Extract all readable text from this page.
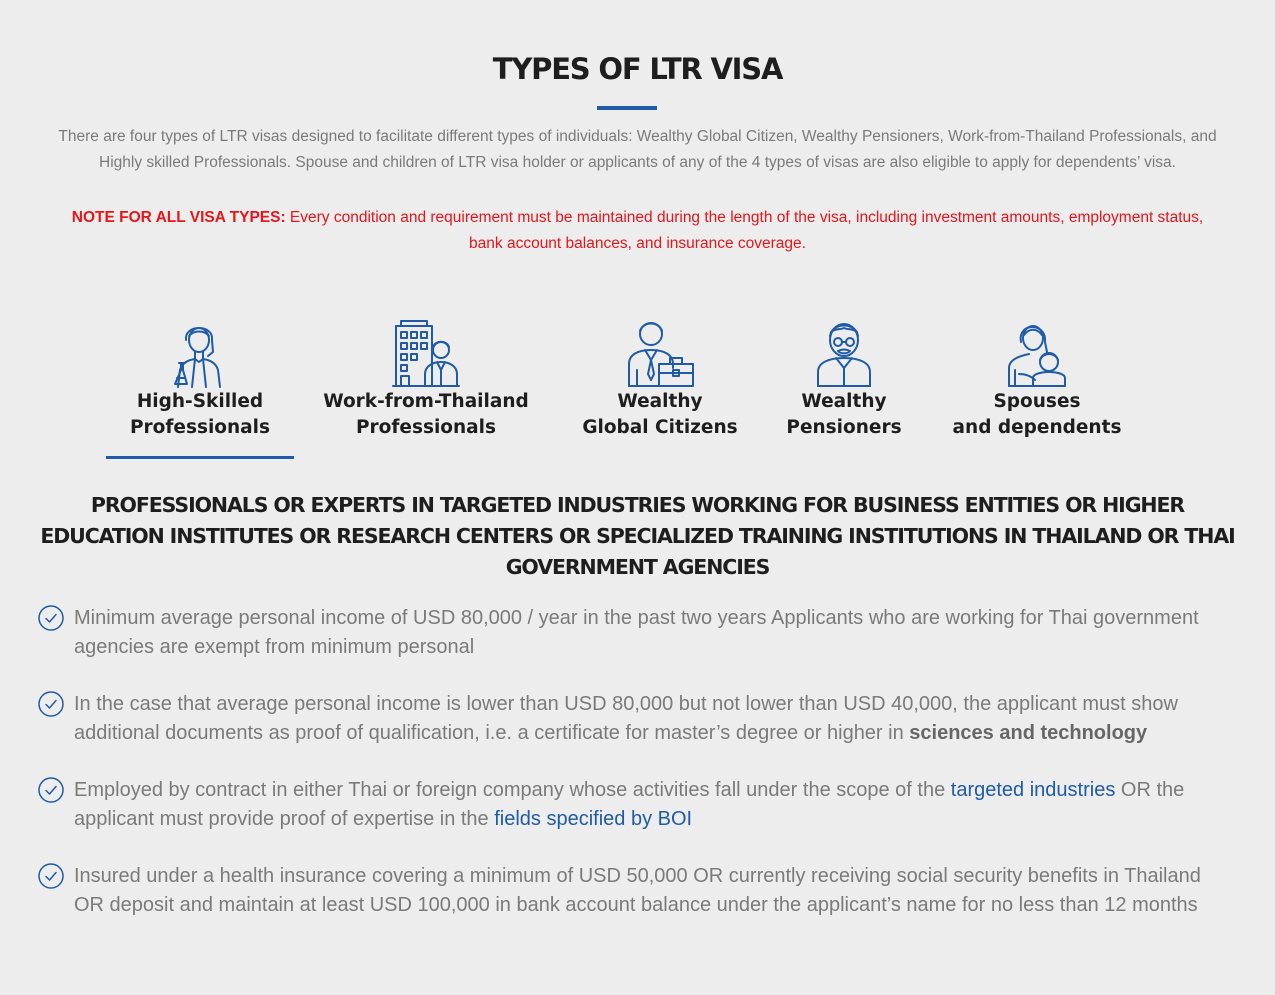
TYPES OF LTR VISA

There are four types of LTR visas designed to facilitate different types of individuals: Wealthy Global Citizen, Wealthy Pensioners, Work-from-Thailand Professionals, and Highly skilled Professionals. Spouse and children of LTR visa holder or applicants of any of the 4 types of visas are also eligible to apply for dependents’ visa.

NOTE FOR ALL VISA TYPES: Every condition and requirement must be maintained during the length of the visa, including investment amounts, employment status, bank account balances, and insurance coverage.

High-Skilled
Professionals
Work-from-Thailand
Professionals
Wealthy
Global Citizens
Wealthy
Pensioners
Spouses
and dependents
PROFESSIONALS OR EXPERTS IN TARGETED INDUSTRIES WORKING FOR BUSINESS ENTITIES OR HIGHER EDUCATION INSTITUTES OR RESEARCH CENTERS OR SPECIALIZED TRAINING INSTITUTIONS IN THAILAND OR THAI GOVERNMENT AGENCIES
Minimum average personal income of USD 80,000 / year in the past two years Applicants who are working for Thai government agencies are exempt from minimum personal
In the case that average personal income is lower than USD 80,000 but not lower than USD 40,000, the applicant must show additional documents as proof of qualification, i.e. a certificate for master’s degree or higher in sciences and technology
Employed by contract in either Thai or foreign company whose activities fall under the scope of the targeted industries OR the applicant must provide proof of expertise in the fields specified by BOI
Insured under a health insurance covering a minimum of USD 50,000 OR currently receiving social security benefits in Thailand OR deposit and maintain at least USD 100,000 in bank account balance under the applicant’s name for no less than 12 months
